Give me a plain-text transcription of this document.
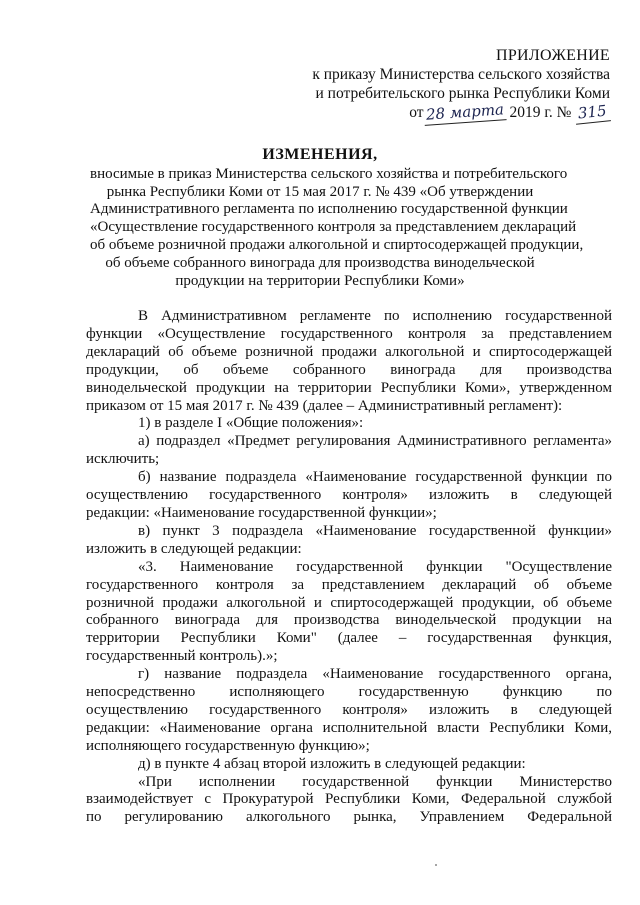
ПРИЛОЖЕНИЕ
к приказу Министерства сельского хозяйства
и потребительского рынка Республики Коми
от28 марта 2019 г. № 315
ИЗМЕНЕНИЯ,
вносимые в приказ Министерства сельского хозяйства и потребительского
рынка Республики Коми от 15 мая 2017 г. № 439 «Об утверждении
Административного регламента по исполнению государственной функции
«Осуществление государственного контроля за представлением деклараций
об объеме розничной продажи алкогольной и спиртосодержащей продукции,
об объеме собранного винограда для производства винодельческой
продукции на территории Республики Коми»
В Административном регламенте по исполнению государственной
функции «Осуществление государственного контроля за представлением
деклараций об объеме розничной продажи алкогольной и спиртосодержащей
продукции, об объеме собранного винограда для производства
винодельческой продукции на территории Республики Коми», утвержденном
приказом от 15 мая 2017 г. № 439 (далее – Административный регламент):
1) в разделе I «Общие положения»:
а) подраздел «Предмет регулирования Административного регламента»
исключить;
б) название подраздела «Наименование государственной функции по
осуществлению государственного контроля» изложить в следующей
редакции: «Наименование государственной функции»;
в) пункт 3 подраздела «Наименование государственной функции»
изложить в следующей редакции:
«3. Наименование государственной функции "Осуществление
государственного контроля за представлением деклараций об объеме
розничной продажи алкогольной и спиртосодержащей продукции, об объеме
собранного винограда для производства винодельческой продукции на
территории Республики Коми" (далее – государственная функция,
государственный контроль).»;
г) название подраздела «Наименование государственного органа,
непосредственно исполняющего государственную функцию по
осуществлению государственного контроля» изложить в следующей
редакции: «Наименование органа исполнительной власти Республики Коми,
исполняющего государственную функцию»;
д) в пункте 4 абзац второй изложить в следующей редакции:
«При исполнении государственной функции Министерство
взаимодействует с Прокуратурой Республики Коми, Федеральной службой
по регулированию алкогольного рынка, Управлением Федеральной
